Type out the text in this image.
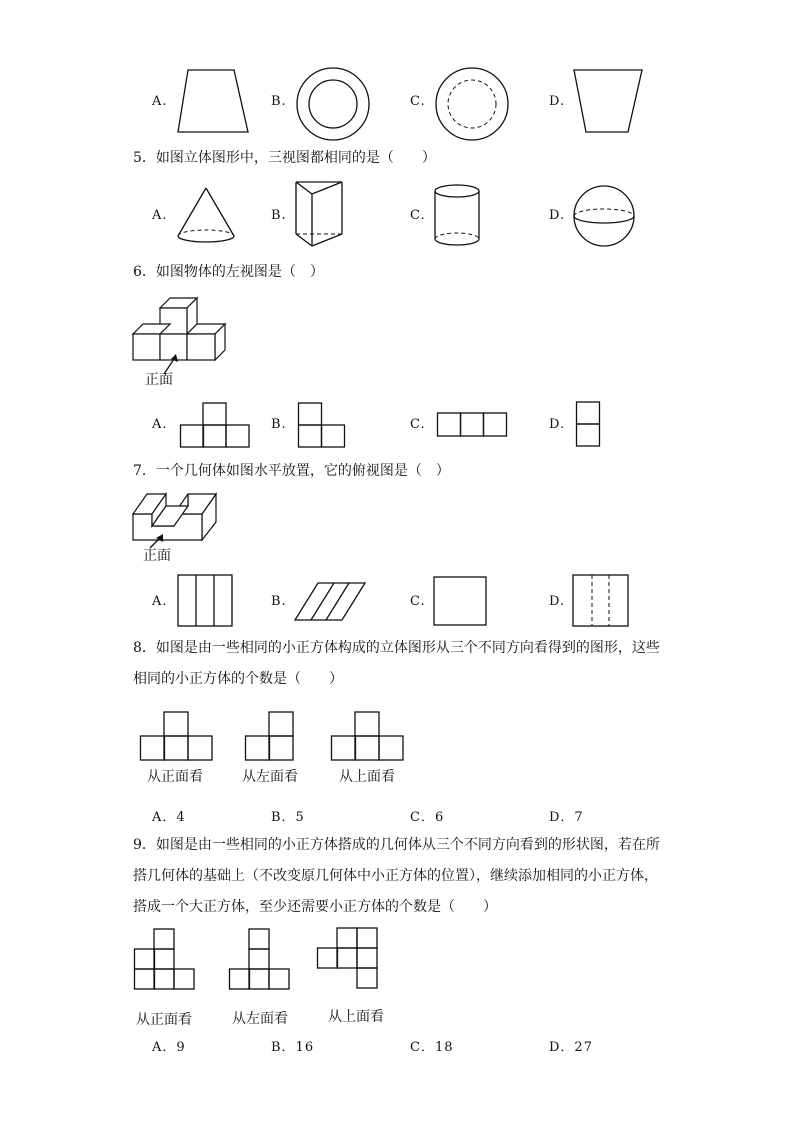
A.	B.	C.	D.
5．如图立体图形中，三视图都相同的是（　　）
A.	B.	C.	D.
6．如图物体的左视图是（　）
正面
A.	B.	C.	D.
7．一个几何体如图水平放置，它的俯视图是（　）
正面
A.	B.	C.	D.
8．如图是由一些相同的小正方体构成的立体图形从三个不同方向看得到的图形，这些
相同的小正方体的个数是（　　）
从正面看	从左面看	从上面看
A．4	B．5	C．6	D．7
9．如图是由一些相同的小正方体搭成的几何体从三个不同方向看到的形状图，若在所
搭几何体的基础上（不改变原几何体中小正方体的位置），继续添加相同的小正方体，
搭成一个大正方体，至少还需要小正方体的个数是（　　）
从正面看	从左面看	从上面看
A．9	B．16	C．18	D．27
